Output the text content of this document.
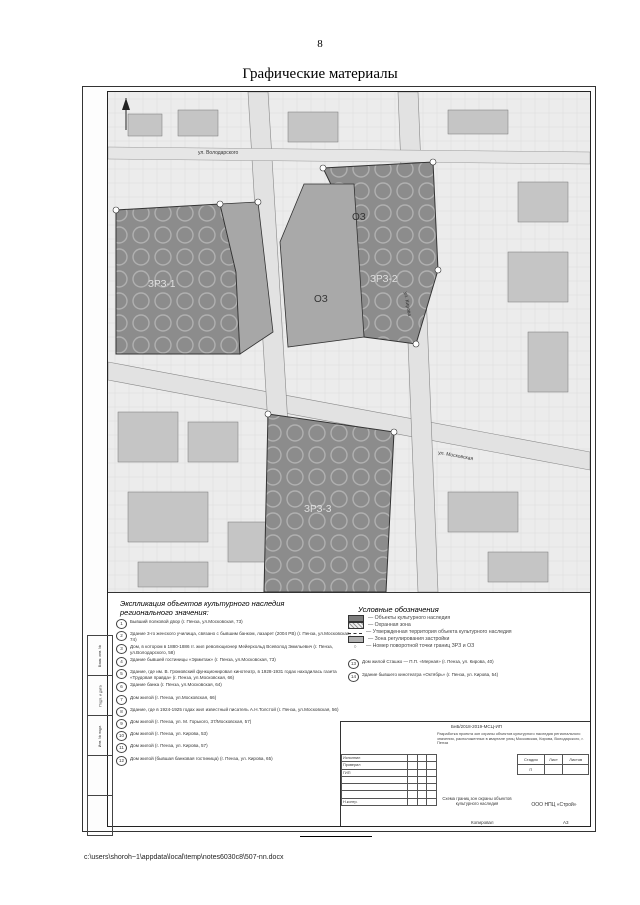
8
Графические материалы
ЗРЗ-1	ЗРЗ-2
ЗРЗ-3
ОЗ
ОЗ
ул. Московская
ул. Кирова
ул. Володарского
Экспликация объектов культурного наследия регионального значения:
1	Бывший полковой двор (г. Пенза, ул.Московская, 73)
2	Здание 3-го женского училища, связано с бывшим банком, лазарет (2004 РВ) (г. Пенза, ул.Московская, 74)
3	Дом, в котором в 1880-1886 гг. жил революционер Мейерхольд Всеволод Эмильевич (г. Пенза, ул.Володарского, 58)
4	Здание бывшей гостиницы «Эрмитаж» (г. Пенза, ул.Московская, 73)
5	Здание, где им. В. Громовский функционировал кинотеатр, в 1928-1931 годах находилась газета «Трудовая правда» (г. Пенза, ул.Московская, 66)
6	Здание банка (г. Пенза, ул.Московская, 64)
7	Дом жилой (г. Пенза, ул.Московская, 66)
8	Здание, где в 1924-1925 годах жил известный писатель А.Н.Толстой (г. Пенза, ул.Московская, 56)
9	Дом жилой (г. Пенза, ул. М. Горького, 37/Московская, 57)
10	Дом жилой (г. Пенза, ул. Кирова, 53)
11	Дом жилой (г. Пенза, ул. Кирова, 57)
12	Дом жилой (бывшая банковая гостиница) (г. Пенза, ул. Кирова, 65)
Условные обозначения
— Объекты культурного наследия
— Охранная зона
— Утвержденная территория объекта культурного наследия
— Зона регулирования застройки
○	— Номер поворотной точки границ ЗРЗ и ОЗ
13	Дом жилой Сташко — П.П. «Мерная» (г. Пенза, ул. Кирова, 40)
14	Здание бывшего кинотеатра «Октябрь» (г. Пенза, ул. Кирова, 54)
БнБ/2018-2019-МСЦ-ИП
Разработка проекта зон охраны объектов культурного наследия регионального значения, расположенных в квартале улиц Московская, Кирова, Володарского, г. Пенза
Исполнил			
Проверил			
ГИП			

Н.контр.			
Стадия	Лист	Листов
П		
Схема границ зон охраны объектов культурного наследия	ООО НПЦ «Строй»
Копировал	А3
Взам. инв. №
Подп. и дата
Инв. № подл.

c:\users\shoroh~1\appdata\local\temp\notes6030c8\507-nn.docx
